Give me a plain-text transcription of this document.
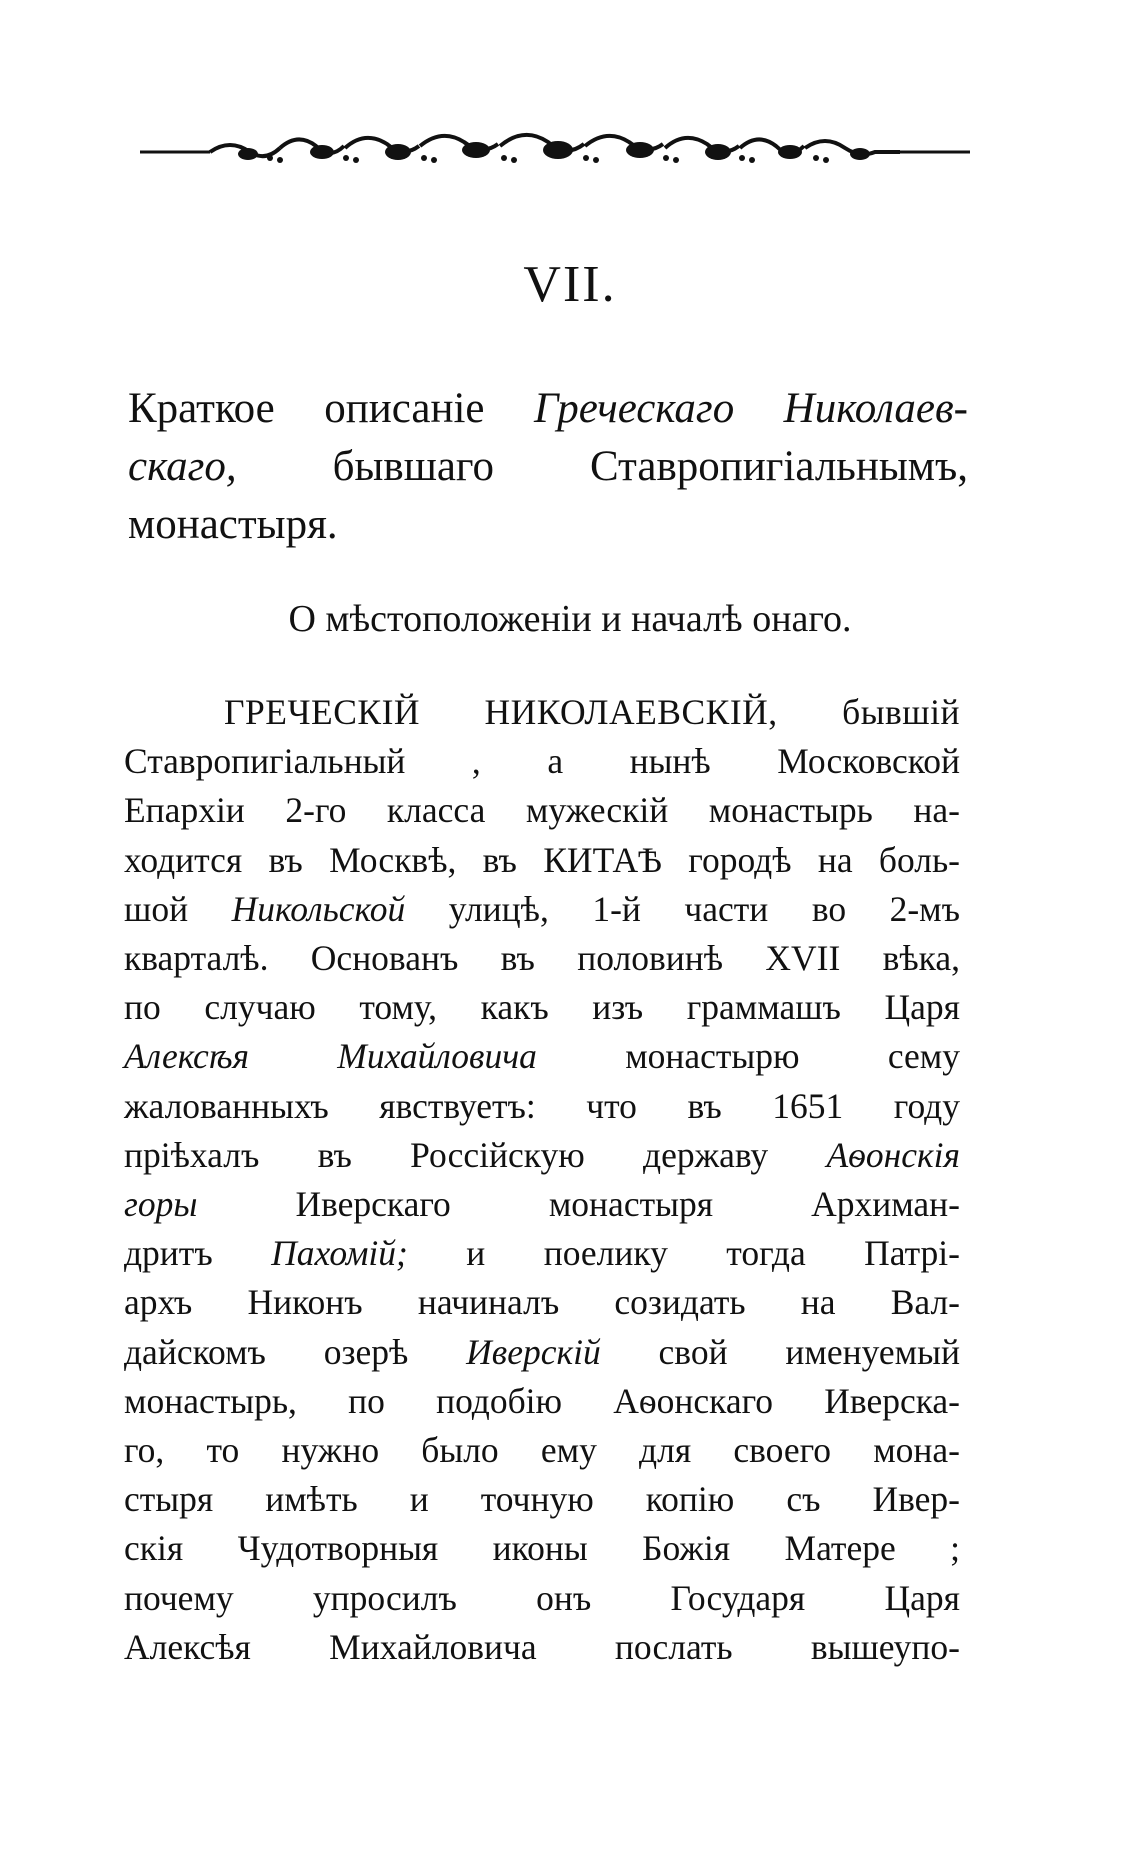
VII.
Краткое описанiе Греческаго Николаев-
скаго, бывшаго Ставропигiальнымъ,
монастыря.
О мѣстоположенiи и началѣ онаго.
ГРЕЧЕСКIЙ НИКОЛАЕВСКIЙ, бывшiй
Ставропигiальный , а нынѣ Московской
Епархiи 2-го класса мужескiй монастырь на-
ходится въ Москвѣ, въ КИТАѢ городѣ на боль-
шой Никольской улицѣ, 1-й части во 2-мъ
кварталѣ. Основанъ въ половинѣ XVII вѣка,
по случаю тому, какъ изъ граммашъ Царя
Алексѣя Михайловича монастырю сему
жалованныхъ явствуетъ: что въ 1651 году
прiѣхалъ въ Россiйскую державу Аѳонскiя
горы Иверскаго монастыря Архиман-
дритъ Пахомiй; и поелику тогда Патрi-
архъ Никонъ начиналъ созидать на Вал-
дайскомъ озерѣ Иверскiй свой именуемый
монастырь, по подобiю Аѳонскаго Иверска-
го, то нужно было ему для своего мона-
стыря имѣть и точную копiю съ Ивер-
скiя Чудотворныя иконы Божiя Матере ;
почему упросилъ онъ Государя Царя
Алексѣя Михайловича послать вышеупо-
